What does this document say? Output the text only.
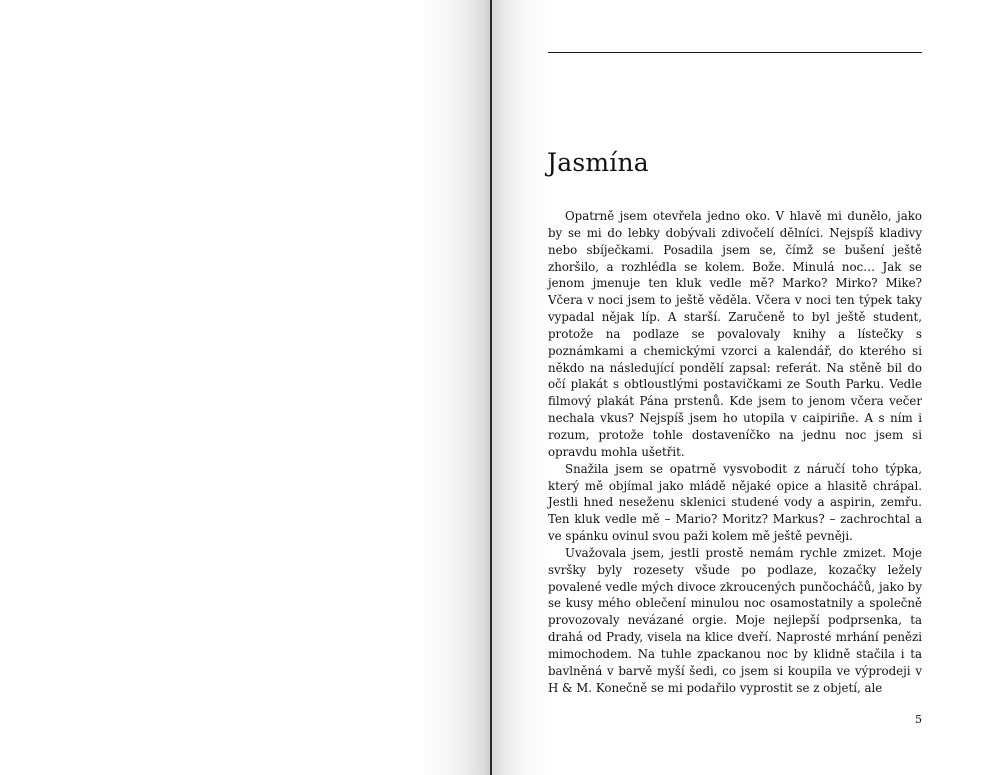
Jasmína

Opatrně jsem otevřela jedno oko. V hlavě mi dunělo, jako by se mi do lebky dobývali zdivočelí dělníci. Nejspíš kladivy nebo sbíječkami. Posadila jsem se, čímž se bušení ještě zhoršilo, a rozhlédla se kolem. Bože. Minulá noc… Jak se jenom jmenuje ten kluk vedle mě? Marko? Mirko? Mike? Včera v noci jsem to ještě věděla. Včera v noci ten týpek taky vypadal nějak líp. A starší. Zaručeně to byl ještě student, protože na podlaze se povalovaly knihy a lístečky s poznámkami a chemickými vzorci a kalendář, do kterého si někdo na následující pondělí zapsal: referát. Na stěně bil do očí plakát s obtloustlými postavičkami ze South Parku. Vedle filmový plakát Pána prstenů. Kde jsem to jenom včera večer nechala vkus? Nejspíš jsem ho utopila v caipiriñe. A s ním i rozum, protože tohle dostaveníčko na jednu noc jsem si opravdu mohla ušetřit.

Snažila jsem se opatrně vysvobodit z náručí toho týpka, který mě objímal jako mládě nějaké opice a hlasitě chrápal. Jestli hned neseženu sklenici studené vody a aspirin, zemřu. Ten kluk vedle mě – Mario? Moritz? Markus? – zachrochtal a ve spánku ovinul svou paži kolem mě ještě pevněji.

Uvažovala jsem, jestli prostě nemám rychle zmizet. Moje svršky byly rozesety všude po podlaze, kozačky ležely povalené vedle mých divoce zkroucených punčocháčů, jako by se kusy mého oblečení minulou noc osamostatnily a společně provozovaly nevázané orgie. Moje nejlepší podprsenka, ta drahá od Prady, visela na klice dveří. Naprosté mrhání penězi mimochodem. Na tuhle zpackanou noc by klidně stačila i ta bavlněná v barvě myší šedi, co jsem si koupila ve výprodeji v H & M. Konečně se mi podařilo vyprostit se z objetí, ale

5
